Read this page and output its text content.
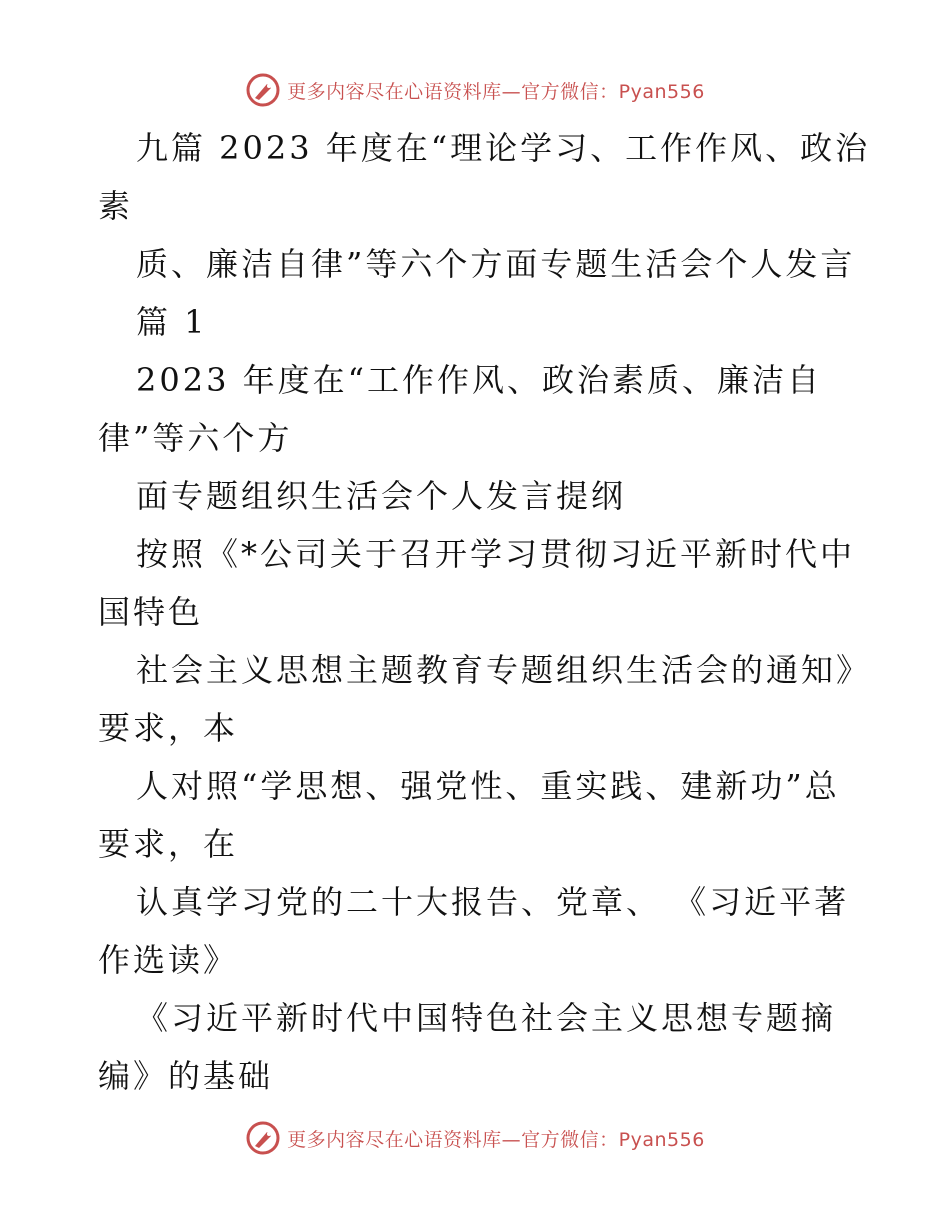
更多内容尽在心语资料库—官方微信：Pyan556
九篇 2023 年度在“理论学习、工作作风、政治
素
质、廉洁自律”等六个方面专题生活会个人发言
篇 1
2023 年度在“工作作风、政治素质、廉洁自
律”等六个方
面专题组织生活会个人发言提纲
按照《*公司关于召开学习贯彻习近平新时代中
国特色
社会主义思想主题教育专题组织生活会的通知》
要求，本
人对照“学思想、强党性、重实践、建新功”总
要求，在
认真学习党的二十大报告、党章、 《习近平著
作选读》
《习近平新时代中国特色社会主义思想专题摘
编》的基础
更多内容尽在心语资料库—官方微信：Pyan556
